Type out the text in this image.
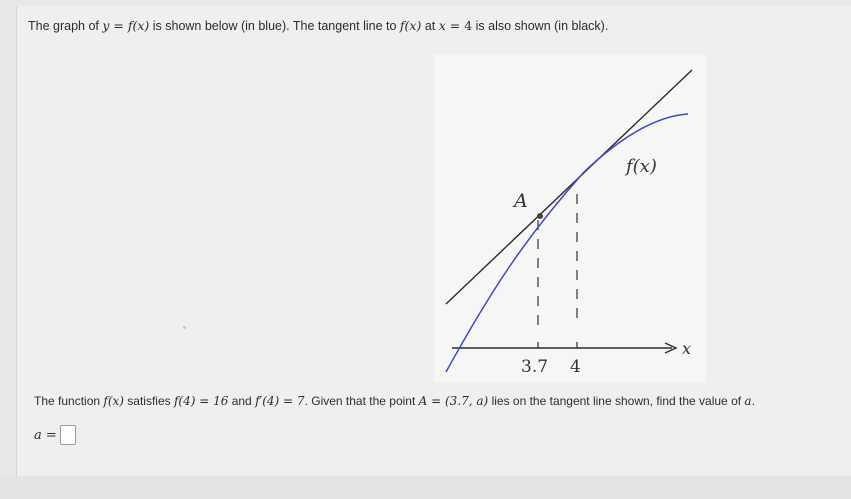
The graph of y = f(x) is shown below (in blue). The tangent line to f(x) at x = 4 is also shown (in black).
A
f(x)
x
3.7 4
The function f(x) satisfies f(4) = 16 and f′(4) = 7. Given that the point A = (3.7, a) lies on the tangent line shown, find the value of a.
a =
